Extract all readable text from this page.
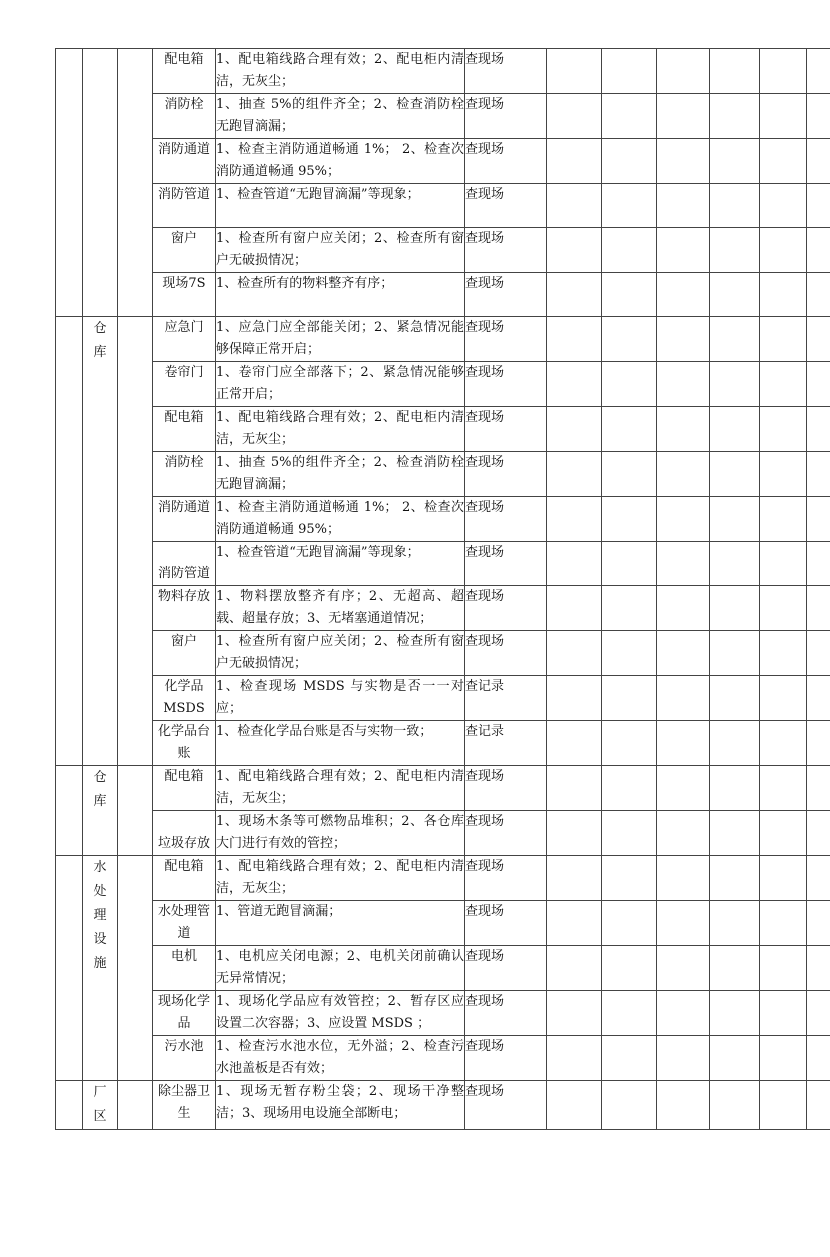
			配电箱	1、配电箱线路合理有效；2、配电柜内清洁，无灰尘；	查现场						
			消防栓	1、抽查 5%的组件齐全；2、检查消防栓无跑冒滴漏；	查现场						
			消防通道	1、检查主消防通道畅通 1%； 2、检查次消防通道畅通 95%；	查现场						
			消防管道	1、检查管道“无跑冒滴漏”等现象；	查现场						
			窗户	1、检查所有窗户应关闭；2、检查所有窗户无破损情况；	查现场						
			现场7S	1、检查所有的物料整齐有序；	查现场						
	仓库		应急门	1、应急门应全部能关闭；2、紧急情况能够保障正常开启；	查现场						
			卷帘门	1、卷帘门应全部落下；2、紧急情况能够正常开启；	查现场						
			配电箱	1、配电箱线路合理有效；2、配电柜内清洁，无灰尘；	查现场						
			消防栓	1、抽查 5%的组件齐全；2、检查消防栓无跑冒滴漏；	查现场						
			消防通道	1、检查主消防通道畅通 1%； 2、检查次消防通道畅通 95%；	查现场						
			消防管道	1、检查管道“无跑冒滴漏”等现象；	查现场						
			物料存放	1、物料摆放整齐有序；2、无超高、超载、超量存放；3、无堵塞通道情况；	查现场						
			窗户	1、检查所有窗户应关闭；2、检查所有窗户无破损情况；	查现场						
			化学品MSDS	1、检查现场 MSDS 与实物是否一一对应；	查记录						
			化学品台账	1、检查化学品台账是否与实物一致；	查记录						
	仓库		配电箱	1、配电箱线路合理有效；2、配电柜内清洁，无灰尘；	查现场						
			垃圾存放	1、现场木条等可燃物品堆积；2、各仓库大门进行有效的管控；	查现场						
	水处理设施		配电箱	1、配电箱线路合理有效；2、配电柜内清洁，无灰尘；	查现场						
			水处理管道	1、管道无跑冒滴漏；	查现场						
			电机	1、电机应关闭电源；2、电机关闭前确认无异常情况；	查现场						
			现场化学品	1、现场化学品应有效管控；2、暂存区应设置二次容器；3、应设置 MSDS ；	查现场						
			污水池	1、检查污水池水位，无外溢；2、检查污水池盖板是否有效；	查现场						
	厂区		除尘器卫生	1、现场无暂存粉尘袋；2、现场干净整洁；3、现场用电设施全部断电；	查现场						
